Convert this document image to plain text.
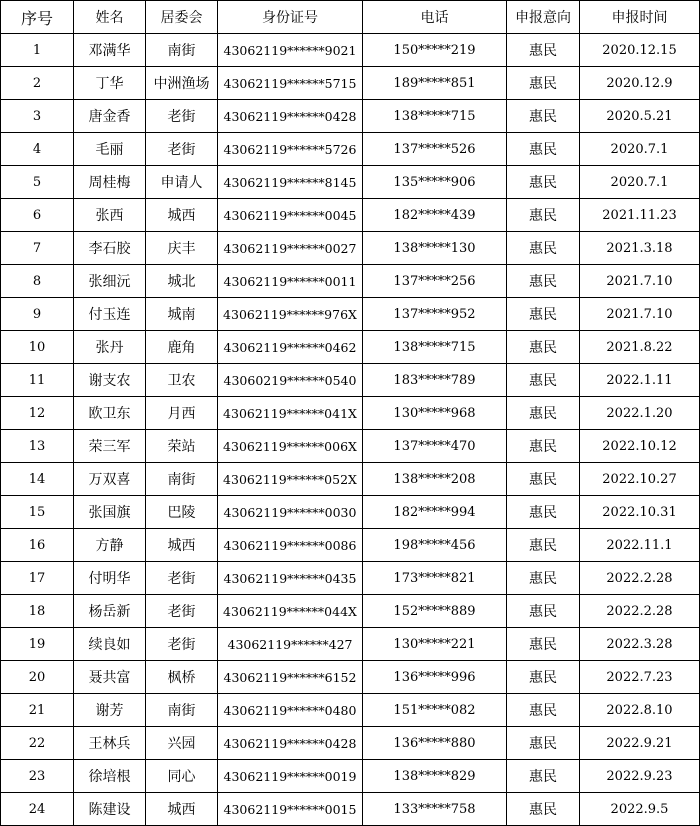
序号	姓名	居委会	身份证号	电话	申报意向	申报时间
1	邓满华	南街	43062119******9021	150*****219	惠民	2020.12.15
2	丁华	中洲渔场	43062119******5715	189*****851	惠民	2020.12.9
3	唐金香	老街	43062119******0428	138*****715	惠民	2020.5.21
4	毛丽	老街	43062119******5726	137*****526	惠民	2020.7.1
5	周桂梅	申请人	43062119******8145	135*****906	惠民	2020.7.1
6	张西	城西	43062119******0045	182*****439	惠民	2021.11.23
7	李石胶	庆丰	43062119******0027	138*****130	惠民	2021.3.18
8	张细沅	城北	43062119******0011	137*****256	惠民	2021.7.10
9	付玉连	城南	43062119******976X	137*****952	惠民	2021.7.10
10	张丹	鹿角	43062119******0462	138*****715	惠民	2021.8.22
11	谢支农	卫农	43060219******0540	183*****789	惠民	2022.1.11
12	欧卫东	月西	43062119******041X	130*****968	惠民	2022.1.20
13	荣三军	荣站	43062119******006X	137*****470	惠民	2022.10.12
14	万双喜	南街	43062119******052X	138*****208	惠民	2022.10.27
15	张国旗	巴陵	43062119******0030	182*****994	惠民	2022.10.31
16	方静	城西	43062119******0086	198*****456	惠民	2022.11.1
17	付明华	老街	43062119******0435	173*****821	惠民	2022.2.28
18	杨岳新	老街	43062119******044X	152*****889	惠民	2022.2.28
19	续良如	老街	43062119******427	130*****221	惠民	2022.3.28
20	聂共富	枫桥	43062119******6152	136*****996	惠民	2022.7.23
21	谢芳	南街	43062119******0480	151*****082	惠民	2022.8.10
22	王林兵	兴园	43062119******0428	136*****880	惠民	2022.9.21
23	徐培根	同心	43062119******0019	138*****829	惠民	2022.9.23
24	陈建设	城西	43062119******0015	133*****758	惠民	2022.9.5
